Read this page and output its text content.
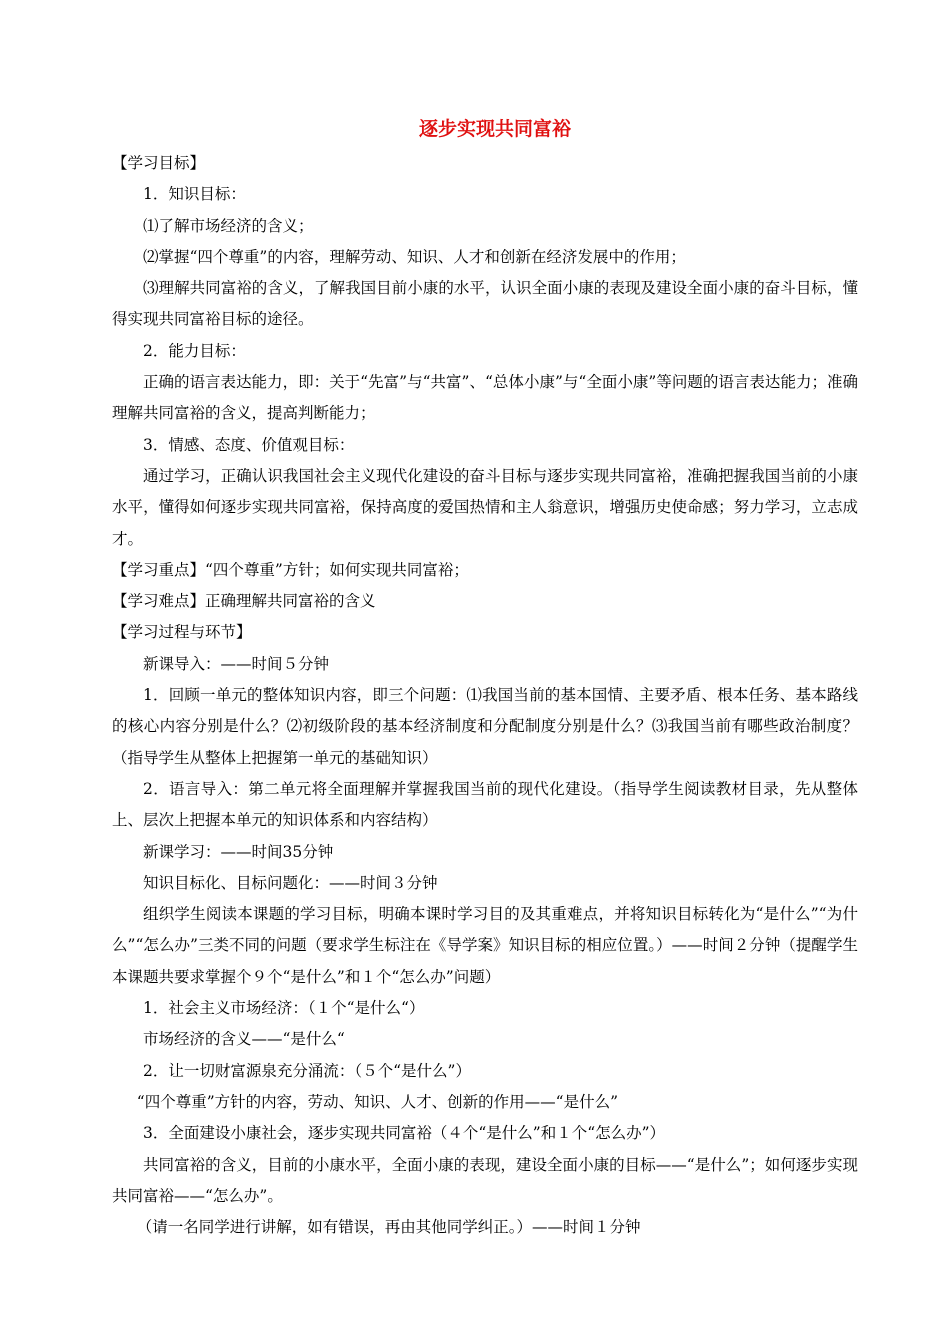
逐步实现共同富裕

【学习目标】

1．知识目标：

⑴了解市场经济的含义；

⑵掌握“四个尊重”的内容，理解劳动、知识、人才和创新在经济发展中的作用；

⑶理解共同富裕的含义，了解我国目前小康的水平，认识全面小康的表现及建设全面小康的奋斗目标，懂得实现共同富裕目标的途径。

2．能力目标：

正确的语言表达能力，即：关于“先富”与“共富”、“总体小康”与“全面小康”等问题的语言表达能力；准确理解共同富裕的含义，提高判断能力；

3．情感、态度、价值观目标：

通过学习，正确认识我国社会主义现代化建设的奋斗目标与逐步实现共同富裕，准确把握我国当前的小康水平，懂得如何逐步实现共同富裕，保持高度的爱国热情和主人翁意识，增强历史使命感；努力学习，立志成才。

【学习重点】“四个尊重”方针；如何实现共同富裕；

【学习难点】正确理解共同富裕的含义

【学习过程与环节】

新课导入：——时间５分钟

1．回顾一单元的整体知识内容，即三个问题：⑴我国当前的基本国情、主要矛盾、根本任务、基本路线的核心内容分别是什么？⑵初级阶段的基本经济制度和分配制度分别是什么？⑶我国当前有哪些政治制度？（指导学生从整体上把握第一单元的基础知识）

2．语言导入：第二单元将全面理解并掌握我国当前的现代化建设。（指导学生阅读教材目录，先从整体上、层次上把握本单元的知识体系和内容结构）

新课学习：——时间35分钟

知识目标化、目标问题化：——时间３分钟

组织学生阅读本课题的学习目标，明确本课时学习目的及其重难点，并将知识目标转化为“是什么”“为什么”“怎么办”三类不同的问题（要求学生标注在《导学案》知识目标的相应位置。）——时间２分钟（提醒学生本课题共要求掌握个９个“是什么”和１个“怎么办”问题）

1．社会主义市场经济：（１个“是什么“）

市场经济的含义——“是什么“

2．让一切财富源泉充分涌流：（５个“是什么”）

“四个尊重”方针的内容，劳动、知识、人才、创新的作用——“是什么”

3．全面建设小康社会，逐步实现共同富裕（４个“是什么”和１个“怎么办”）

共同富裕的含义，目前的小康水平，全面小康的表现，建设全面小康的目标——“是什么”；如何逐步实现共同富裕——“怎么办”。

（请一名同学进行讲解，如有错误，再由其他同学纠正。）——时间１分钟
